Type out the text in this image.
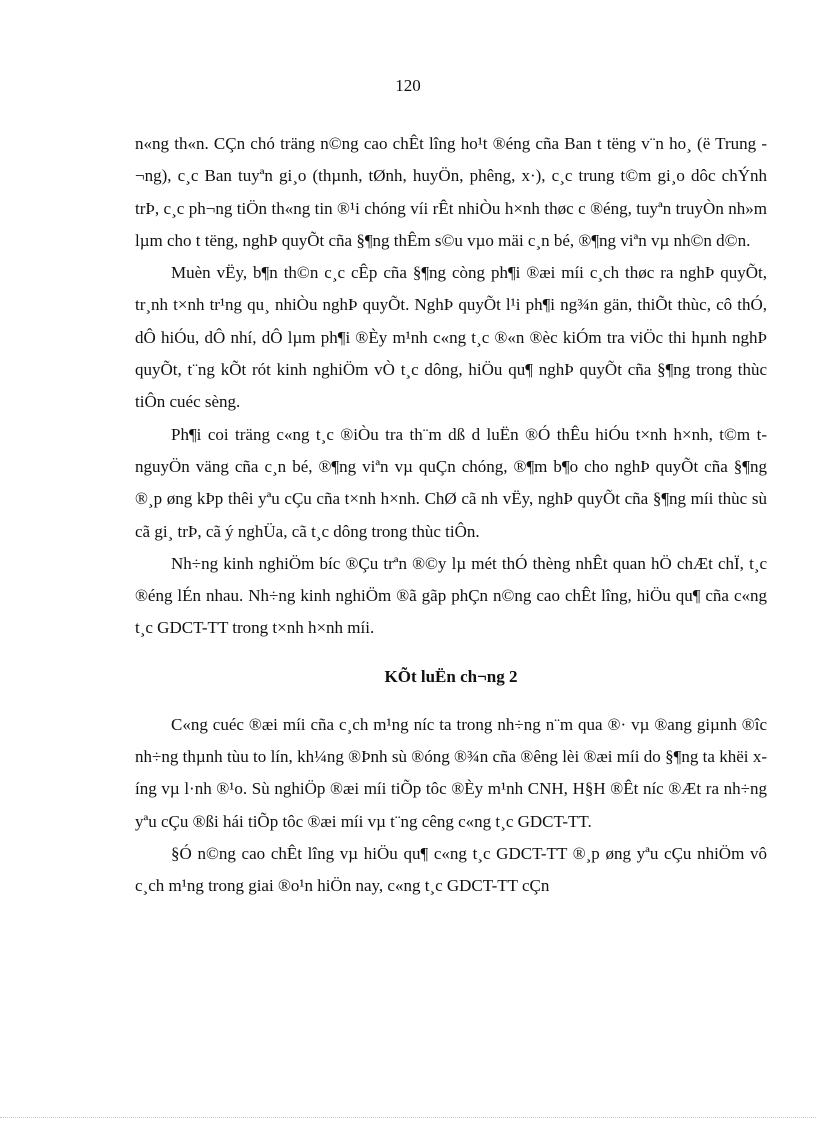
120

n«ng th«n. CÇn chó träng n©ng cao chÊt lîng ho¹t ®éng cña Ban t tëng v¨n ho¸ (ë Trung ¬ng), c¸c Ban tuyªn gi¸o (thµnh, tØnh, huyÖn, phêng, x·), c¸c trung t©m gi¸o dôc chÝnh trÞ, c¸c ph¬ng tiÖn th«ng tin ®¹i chóng víi rÊt nhiÒu h×nh thøc c ®éng, tuyªn truyÒn nh»m lµm cho t tëng, nghÞ quyÕt cña §¶ng thÊm s©u vµo mäi c¸n bé, ®¶ng viªn vµ nh©n d©n.

Muèn vËy, b¶n th©n c¸c cÊp cña §¶ng còng ph¶i ®æi míi c¸ch thøc ra nghÞ quyÕt, tr¸nh t×nh tr¹ng qu¸ nhiÒu nghÞ quyÕt. NghÞ quyÕt l¹i ph¶i ng¾n gän, thiÕt thùc, cô thÓ, dÔ hiÓu, dÔ nhí, dÔ lµm ph¶i ®Èy m¹nh c«ng t¸c ®«n ®èc kiÓm tra viÖc thi hµnh nghÞ quyÕt, t¨ng kÕt rót kinh nghiÖm vÒ t¸c dông, hiÖu qu¶ nghÞ quyÕt cña §¶ng trong thùc tiÔn cuéc sèng.

Ph¶i coi träng c«ng t¸c ®iÒu tra th¨m dß d luËn ®Ó thÊu hiÓu t×nh h×nh, t©m t nguyÖn väng cña c¸n bé, ®¶ng viªn vµ quÇn chóng, ®¶m b¶o cho nghÞ quyÕt cña §¶ng ®¸p øng kÞp thêi yªu cÇu cña t×nh h×nh. ChØ cã nh vËy, nghÞ quyÕt cña §¶ng míi thùc sù cã gi¸ trÞ, cã ý nghÜa, cã t¸c dông trong thùc tiÔn.

Nh÷ng kinh nghiÖm bíc ®Çu trªn ®©y lµ mét thÓ thèng nhÊt quan hÖ chÆt chÏ, t¸c ®éng lÉn nhau. Nh÷ng kinh nghiÖm ®ã gãp phÇn n©ng cao chÊt lîng, hiÖu qu¶ cña c«ng t¸c GDCT-TT trong t×nh h×nh míi.

KÕt luËn ch¬ng 2

C«ng cuéc ®æi míi cña c¸ch m¹ng níc ta trong nh÷ng n¨m qua ®· vµ ®ang giµnh ®îc nh÷ng thµnh tùu to lín, kh¼ng ®Þnh sù ®óng ®¾n cña ®êng lèi ®æi míi do §¶ng ta khëi xíng vµ l·nh ®¹o. Sù nghiÖp ®æi míi tiÕp tôc ®Èy m¹nh CNH, H§H ®Êt níc ®Æt ra nh÷ng yªu cÇu ®ßi hái tiÕp tôc ®æi míi vµ t¨ng cêng c«ng t¸c GDCT-TT.

§Ó n©ng cao chÊt lîng vµ hiÖu qu¶ c«ng t¸c GDCT-TT ®¸p øng yªu cÇu nhiÖm vô c¸ch m¹ng trong giai ®o¹n hiÖn nay, c«ng t¸c GDCT-TT cÇn
